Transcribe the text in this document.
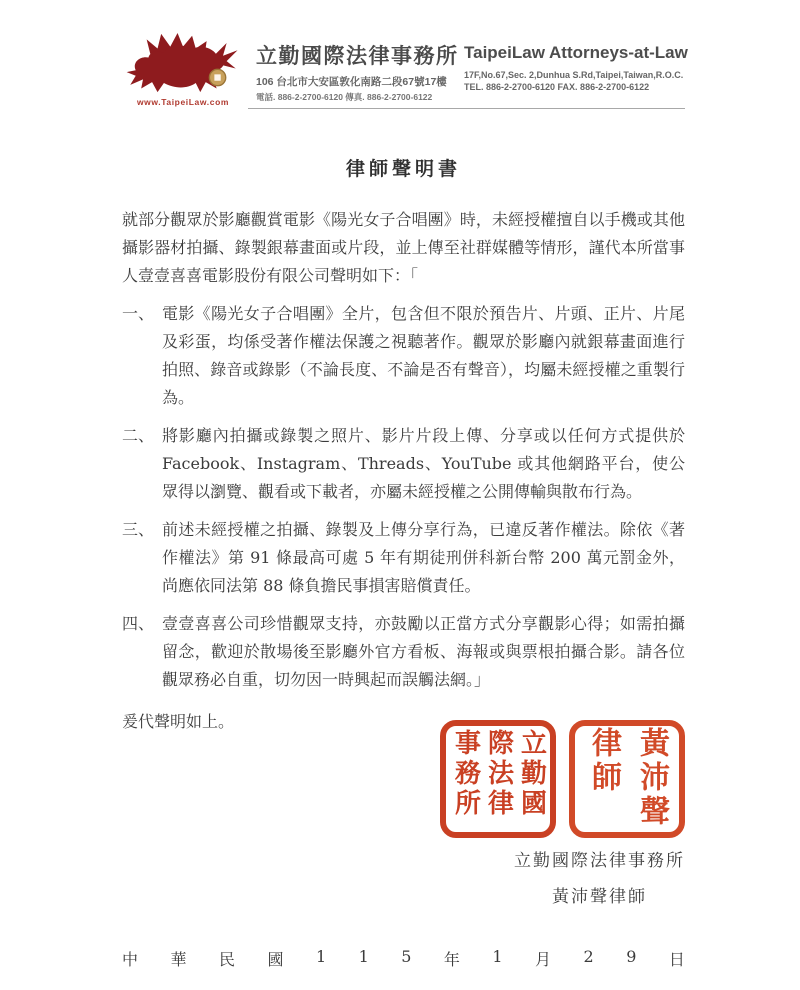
www.TaipeiLaw.com
立勤國際法律事務所
106 台北市大安區敦化南路二段67號17樓
電話. 886-2-2700-6120 傳真. 886-2-2700-6122
TaipeiLaw Attorneys-at-Law
17F,No.67,Sec. 2,Dunhua S.Rd,Taipei,Taiwan,R.O.C.
TEL. 886-2-2700-6120 FAX. 886-2-2700-6122
律師聲明書

就部分觀眾於影廳觀賞電影《陽光女子合唱團》時，未經授權擅自以手機或其他攝影器材拍攝、錄製銀幕畫面或片段，並上傳至社群媒體等情形，謹代本所當事人壹壹喜喜電影股份有限公司聲明如下：「

一、 電影《陽光女子合唱團》全片，包含但不限於預告片、片頭、正片、片尾及彩蛋，均係受著作權法保護之視聽著作。觀眾於影廳內就銀幕畫面進行拍照、錄音或錄影（不論長度、不論是否有聲音），均屬未經授權之重製行為。
二、 將影廳內拍攝或錄製之照片、影片片段上傳、分享或以任何方式提供於 Facebook、Instagram、Threads、YouTube 或其他網路平台，使公眾得以瀏覽、觀看或下載者，亦屬未經授權之公開傳輸與散布行為。
三、 前述未經授權之拍攝、錄製及上傳分享行為，已違反著作權法。除依《著作權法》第 91 條最高可處 5 年有期徒刑併科新台幣 200 萬元罰金外，尚應依同法第 88 條負擔民事損害賠償責任。
四、 壹壹喜喜公司珍惜觀眾支持，亦鼓勵以正當方式分享觀影心得；如需拍攝留念，歡迎於散場後至影廳外官方看板、海報或與票根拍攝合影。請各位觀眾務必自重，切勿因一時興起而誤觸法網。」

爰代聲明如上。

立勤國際法律事務所	黃沛聲律師
立勤國際法律事務所
黃沛聲律師
中 華 民 國 1 1 5 年 1 月 2 9 日
